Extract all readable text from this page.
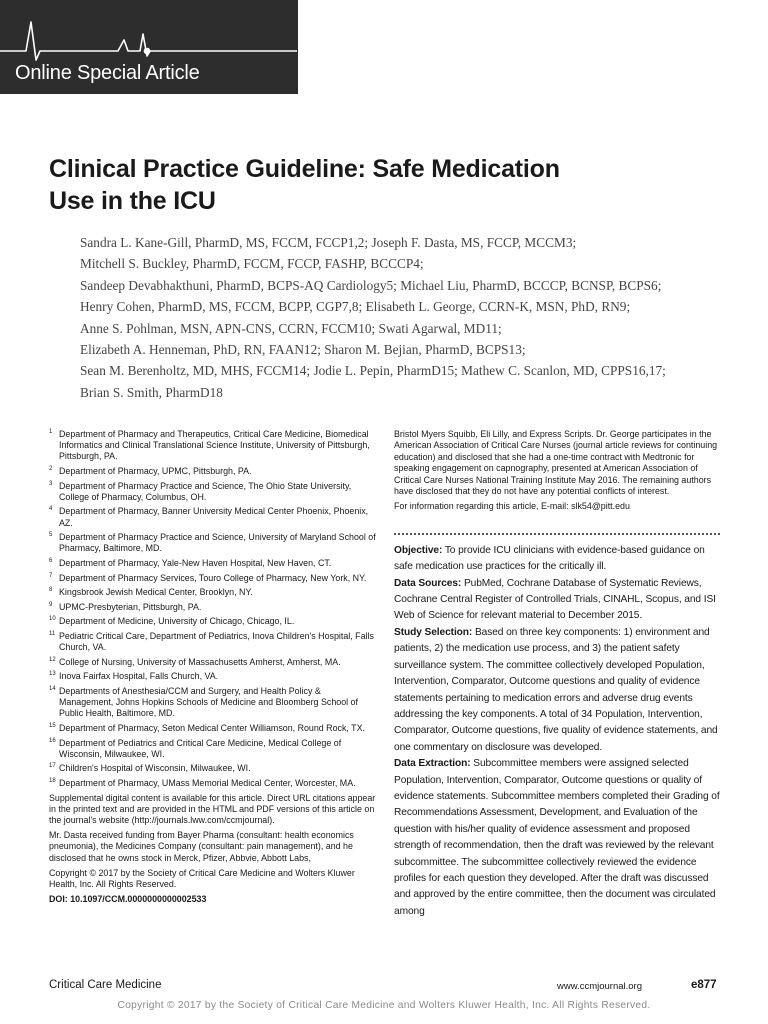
Online Special Article
Clinical Practice Guideline: Safe Medication
Use in the ICU
Sandra L. Kane-Gill, PharmD, MS, FCCM, FCCP1,2; Joseph F. Dasta, MS, FCCP, MCCM3;
Mitchell S. Buckley, PharmD, FCCM, FCCP, FASHP, BCCCP4;
Sandeep Devabhakthuni, PharmD, BCPS-AQ Cardiology5; Michael Liu, PharmD, BCCCP, BCNSP, BCPS6;
Henry Cohen, PharmD, MS, FCCM, BCPP, CGP7,8; Elisabeth L. George, CCRN-K, MSN, PhD, RN9;
Anne S. Pohlman, MSN, APN-CNS, CCRN, FCCM10; Swati Agarwal, MD11;
Elizabeth A. Henneman, PhD, RN, FAAN12; Sharon M. Bejian, PharmD, BCPS13;
Sean M. Berenholtz, MD, MHS, FCCM14; Jodie L. Pepin, PharmD15; Mathew C. Scanlon, MD, CPPS16,17;
Brian S. Smith, PharmD18
1 Department of Pharmacy and Therapeutics, Critical Care Medicine, Biomedical Informatics and Clinical Translational Science Institute, University of Pittsburgh, Pittsburgh, PA.
2 Department of Pharmacy, UPMC, Pittsburgh, PA.
3 Department of Pharmacy Practice and Science, The Ohio State University, College of Pharmacy, Columbus, OH.
4 Department of Pharmacy, Banner University Medical Center Phoenix, Phoenix, AZ.
5 Department of Pharmacy Practice and Science, University of Maryland School of Pharmacy, Baltimore, MD.
6 Department of Pharmacy, Yale-New Haven Hospital, New Haven, CT.
7 Department of Pharmacy Services, Touro College of Pharmacy, New York, NY.
8 Kingsbrook Jewish Medical Center, Brooklyn, NY.
9 UPMC-Presbyterian, Pittsburgh, PA.
10 Department of Medicine, University of Chicago, Chicago, IL.
11 Pediatric Critical Care, Department of Pediatrics, Inova Children's Hospital, Falls Church, VA.
12 College of Nursing, University of Massachusetts Amherst, Amherst, MA.
13 Inova Fairfax Hospital, Falls Church, VA.
14 Departments of Anesthesia/CCM and Surgery, and Health Policy & Management, Johns Hopkins Schools of Medicine and Bloomberg School of Public Health, Baltimore, MD.
15 Department of Pharmacy, Seton Medical Center Williamson, Round Rock, TX.
16 Department of Pediatrics and Critical Care Medicine, Medical College of Wisconsin, Milwaukee, WI.
17 Children's Hospital of Wisconsin, Milwaukee, WI.
18 Department of Pharmacy, UMass Memorial Medical Center, Worcester, MA.

Supplemental digital content is available for this article. Direct URL citations appear in the printed text and are provided in the HTML and PDF versions of this article on the journal's website (http://journals.lww.com/ccmjournal).

Mr. Dasta received funding from Bayer Pharma (consultant: health economics pneumonia), the Medicines Company (consultant: pain management), and he disclosed that he owns stock in Merck, Pfizer, Abbvie, Abbott Labs,

Copyright © 2017 by the Society of Critical Care Medicine and Wolters Kluwer Health, Inc. All Rights Reserved.

DOI: 10.1097/CCM.0000000000002533

Bristol Myers Squibb, Eli Lilly, and Express Scripts. Dr. George participates in the American Association of Critical Care Nurses (journal article reviews for continuing education) and disclosed that she had a one-time contract with Medtronic for speaking engagement on capnography, presented at American Association of Critical Care Nurses National Training Institute May 2016. The remaining authors have disclosed that they do not have any potential conflicts of interest.

For information regarding this article, E-mail: slk54@pitt.edu

Objective: To provide ICU clinicians with evidence-based guidance on safe medication use practices for the critically ill.

Data Sources: PubMed, Cochrane Database of Systematic Reviews, Cochrane Central Register of Controlled Trials, CINAHL, Scopus, and ISI Web of Science for relevant material to December 2015.

Study Selection: Based on three key components: 1) environment and patients, 2) the medication use process, and 3) the patient safety surveillance system. The committee collectively developed Population, Intervention, Comparator, Outcome questions and quality of evidence statements pertaining to medication errors and adverse drug events addressing the key components. A total of 34 Population, Intervention, Comparator, Outcome questions, five quality of evidence statements, and one commentary on disclosure was developed.

Data Extraction: Subcommittee members were assigned selected Population, Intervention, Comparator, Outcome questions or quality of evidence statements. Subcommittee members completed their Grading of Recommendations Assessment, Development, and Evaluation of the question with his/her quality of evidence assessment and proposed strength of recommendation, then the draft was reviewed by the relevant subcommittee. The subcommittee collectively reviewed the evidence profiles for each question they developed. After the draft was discussed and approved by the entire committee, then the document was circulated among

Critical Care Medicine	www.ccmjournal.org	e877
Copyright © 2017 by the Society of Critical Care Medicine and Wolters Kluwer Health, Inc. All Rights Reserved.
